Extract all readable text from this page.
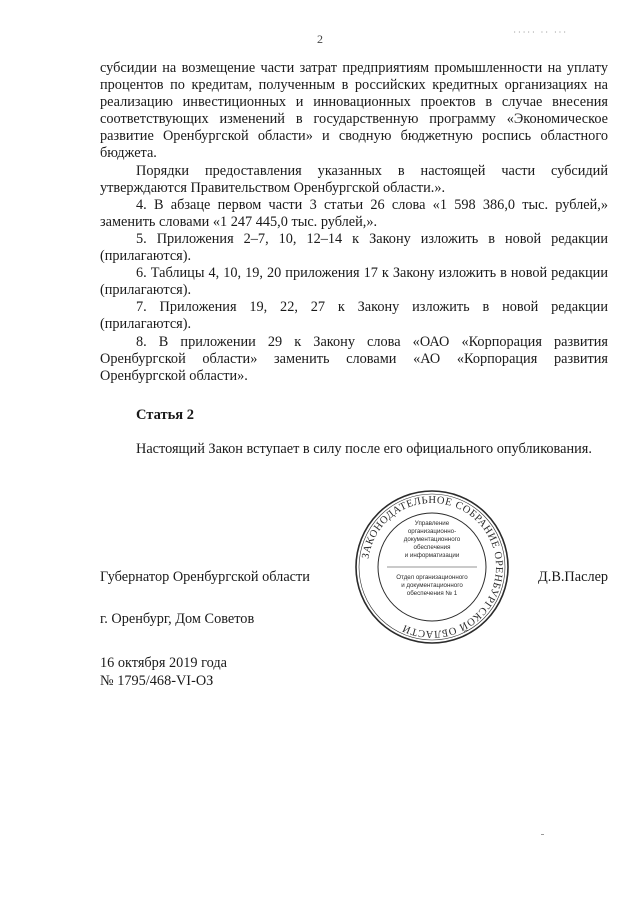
2	····· ·· ···

субсидии на возмещение части затрат предприятиям промышленности на уплату процентов по кредитам, полученным в российских кредитных организациях на реализацию инвестиционных и инновационных проектов в случае внесения соответствующих изменений в государственную программу «Экономическое развитие Оренбургской области» и сводную бюджетную роспись областного бюджета.

Порядки предоставления указанных в настоящей части субсидий утверждаются Правительством Оренбургской области.».

4. В абзаце первом части 3 статьи 26 слова «1 598 386,0 тыс. рублей,» заменить словами «1 247 445,0 тыс. рублей,».

5. Приложения 2–7, 10, 12–14 к Закону изложить в новой редакции (прилагаются).

6. Таблицы 4, 10, 19, 20 приложения 17 к Закону изложить в новой редакции (прилагаются).

7. Приложения 19, 22, 27 к Закону изложить в новой редакции (прилагаются).

8. В приложении 29 к Закону слова «ОАО «Корпорация развития Оренбургской области» заменить словами «АО «Корпорация развития Оренбургской области».

Статья 2
Настоящий Закон вступает в силу после его официального опубликования.
ЗАКОНОДАТЕЛЬНОЕ СОБРАНИЕ ОРЕНБУРГСКОЙ ОБЛАСТИ
Управление
организационно-
документационного
обеспечения
и информатизации
Отдел организационного
и документационного
обеспечения № 1
Губернатор Оренбургской области	Д.В.Паслер
г. Оренбург, Дом Советов
16 октября 2019 года
№ 1795/468-VI-ОЗ
